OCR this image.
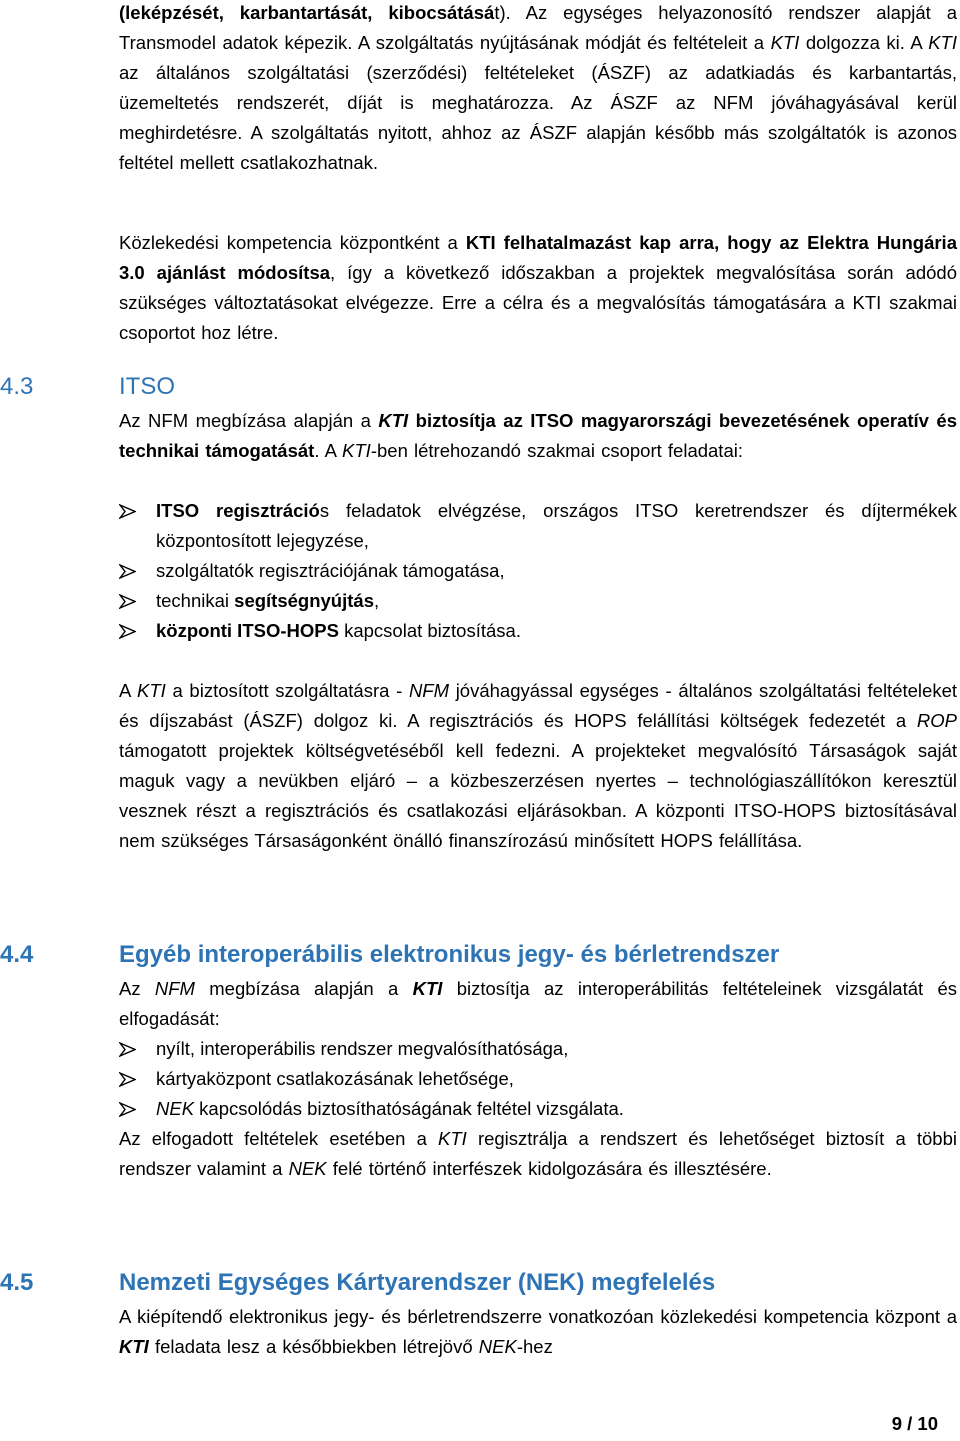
(leképzését, karbantartását, kibocsátását). Az egységes helyazonosító rendszer alapját a Transmodel adatok képezik. A szolgáltatás nyújtásának módját és feltételeit a KTI dolgozza ki. A KTI az általános szolgáltatási (szerződési) feltételeket (ÁSZF) az adatkiadás és karbantartás, üzemeltetés rendszerét, díját is meghatározza. Az ÁSZF az NFM jóváhagyásával kerül meghirdetésre. A szolgáltatás nyitott, ahhoz az ÁSZF alapján később más szolgáltatók is azonos feltétel mellett csatlakozhatnak.

Közlekedési kompetencia központként a KTI felhatalmazást kap arra, hogy az Elektra Hungária 3.0 ajánlást módosítsa, így a következő időszakban a projektek megvalósítása során adódó szükséges változtatásokat elvégezze. Erre a célra és a megvalósítás támogatására a KTI szakmai csoportot hoz létre.

4.3	ITSO

Az NFM megbízása alapján a KTI biztosítja az ITSO magyarországi bevezetésének operatív és technikai támogatását. A KTI-ben létrehozandó szakmai csoport feladatai:

ITSO regisztrációs feladatok elvégzése, országos ITSO keretrendszer és díjtermékek központosított lejegyzése,
szolgáltatók regisztrációjának támogatása,
technikai segítségnyújtás,
központi ITSO-HOPS kapcsolat biztosítása.

A KTI a biztosított szolgáltatásra - NFM jóváhagyással egységes - általános szolgáltatási feltételeket és díjszabást (ÁSZF) dolgoz ki. A regisztrációs és HOPS felállítási költségek fedezetét a ROP támogatott projektek költségvetéséből kell fedezni. A projekteket megvalósító Társaságok saját maguk vagy a nevükben eljáró – a közbeszerzésen nyertes – technológiaszállítókon keresztül vesznek részt a regisztrációs és csatlakozási eljárásokban. A központi ITSO-HOPS biztosításával nem szükséges Társaságonként önálló finanszírozású minősített HOPS felállítása.

4.4	Egyéb interoperábilis elektronikus jegy- és bérletrendszer

Az NFM megbízása alapján a KTI biztosítja az interoperábilitás feltételeinek vizsgálatát és elfogadását:

nyílt, interoperábilis rendszer megvalósíthatósága,
kártyaközpont csatlakozásának lehetősége,
NEK kapcsolódás biztosíthatóságának feltétel vizsgálata.

Az elfogadott feltételek esetében a KTI regisztrálja a rendszert és lehetőséget biztosít a többi rendszer valamint a NEK felé történő interfészek kidolgozására és illesztésére.

4.5	Nemzeti Egységes Kártyarendszer (NEK) megfelelés

A kiépítendő elektronikus jegy- és bérletrendszerre vonatkozóan közlekedési kompetencia központ a KTI feladata lesz a későbbiekben létrejövő NEK-hez

9 / 10
